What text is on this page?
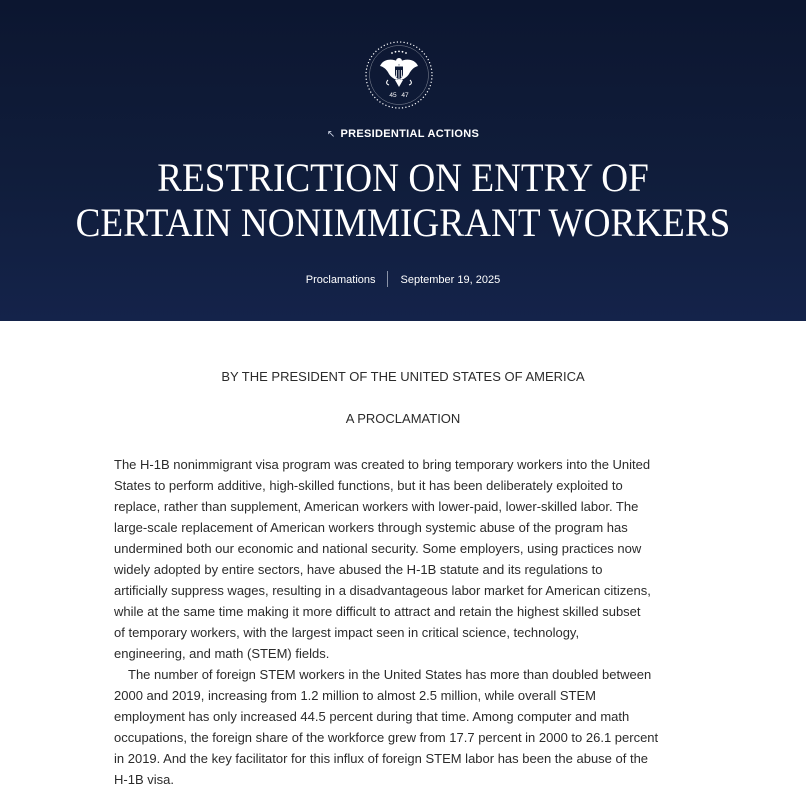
45 47
↖ PRESIDENTIAL ACTIONS
RESTRICTION ON ENTRY OF
CERTAIN NONIMMIGRANT WORKERS
Proclamations September 19, 2025
BY THE PRESIDENT OF THE UNITED STATES OF AMERICA
A PROCLAMATION
The H-1B nonimmigrant visa program was created to bring temporary workers into the United
States to perform additive, high-skilled functions, but it has been deliberately exploited to
replace, rather than supplement, American workers with lower-paid, lower-skilled labor. The
large-scale replacement of American workers through systemic abuse of the program has
undermined both our economic and national security. Some employers, using practices now
widely adopted by entire sectors, have abused the H-1B statute and its regulations to
artificially suppress wages, resulting in a disadvantageous labor market for American citizens,
while at the same time making it more difficult to attract and retain the highest skilled subset
of temporary workers, with the largest impact seen in critical science, technology,
engineering, and math (STEM) fields.
The number of foreign STEM workers in the United States has more than doubled between
2000 and 2019, increasing from 1.2 million to almost 2.5 million, while overall STEM
employment has only increased 44.5 percent during that time. Among computer and math
occupations, the foreign share of the workforce grew from 17.7 percent in 2000 to 26.1 percent
in 2019. And the key facilitator for this influx of foreign STEM labor has been the abuse of the
H-1B visa.
